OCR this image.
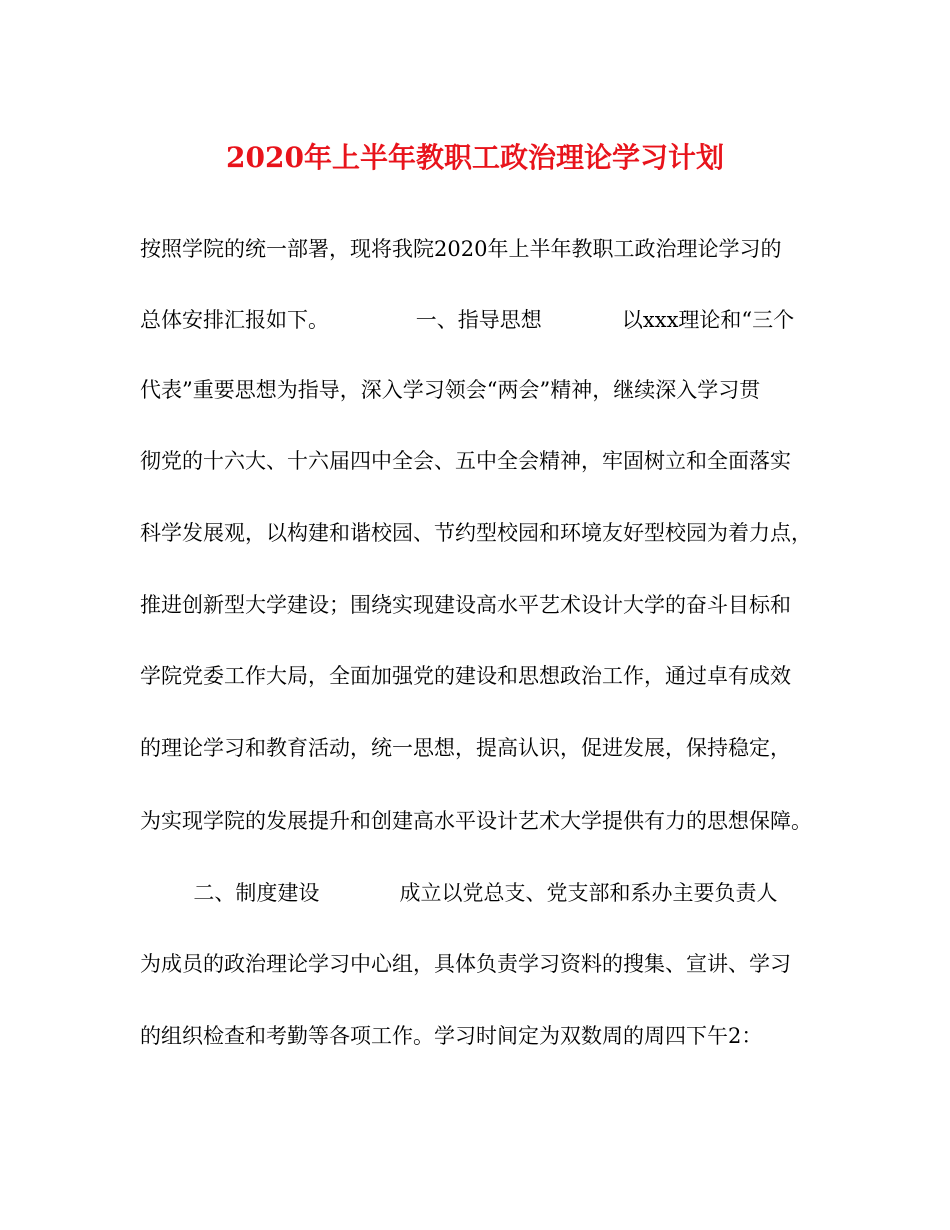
2020年上半年教职工政治理论学习计划
按照学院的统一部署，现将我院2020年上半年教职工政治理论学习的
总体安排汇报如下。             一、指导思想            以xxx理论和“三个
代表”重要思想为指导，深入学习领会“两会”精神，继续深入学习贯
彻党的十六大、十六届四中全会、五中全会精神，牢固树立和全面落实
科学发展观，以构建和谐校园、节约型校园和环境友好型校园为着力点，
推进创新型大学建设；围绕实现建设高水平艺术设计大学的奋斗目标和
学院党委工作大局，全面加强党的建设和思想政治工作，通过卓有成效
的理论学习和教育活动，统一思想，提高认识，促进发展，保持稳定，
为实现学院的发展提升和创建高水平设计艺术大学提供有力的思想保障。
二、制度建设            成立以党总支、党支部和系办主要负责人
为成员的政治理论学习中心组，具体负责学习资料的搜集、宣讲、学习
的组织检查和考勤等各项工作。学习时间定为双数周的周四下午2：
